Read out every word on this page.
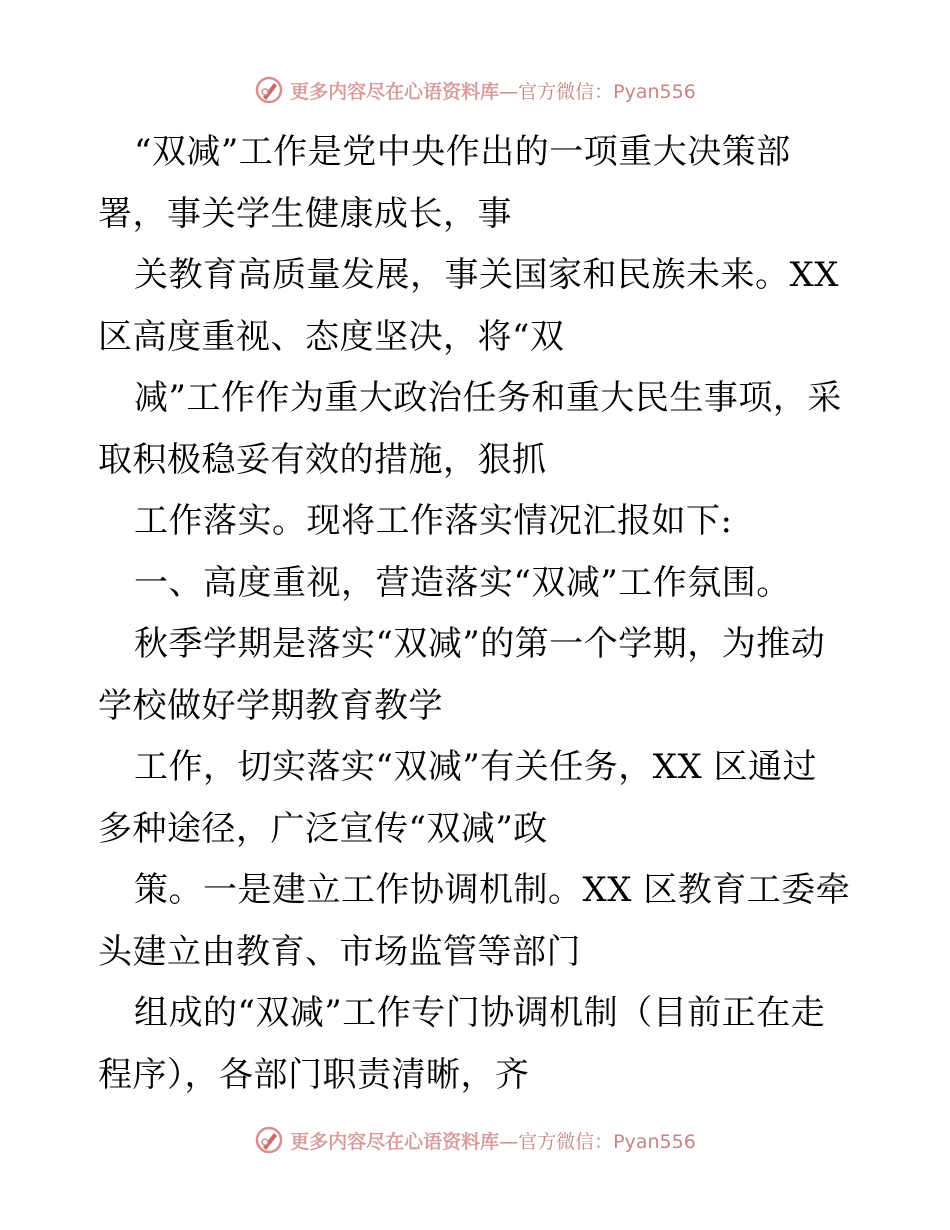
更多内容尽在心语资料库 —官方微信：Pyan556
“双减”工作是党中央作出的一项重大决策部
署，事关学生健康成长，事
关教育高质量发展，事关国家和民族未来。XX
区高度重视、态度坚决，将“双
减”工作作为重大政治任务和重大民生事项，采
取积极稳妥有效的措施，狠抓
工作落实。现将工作落实情况汇报如下:
一、高度重视，营造落实“双减”工作氛围。
秋季学期是落实“双减”的第一个学期，为推动
学校做好学期教育教学
工作，切实落实“双减”有关任务，XX 区通过
多种途径，广泛宣传“双减”政
策。一是建立工作协调机制。XX 区教育工委牵
头建立由教育、市场监管等部门
组成的“双减”工作专门协调机制（目前正在走
程序），各部门职责清晰，齐
更多内容尽在心语资料库 —官方微信：Pyan556
